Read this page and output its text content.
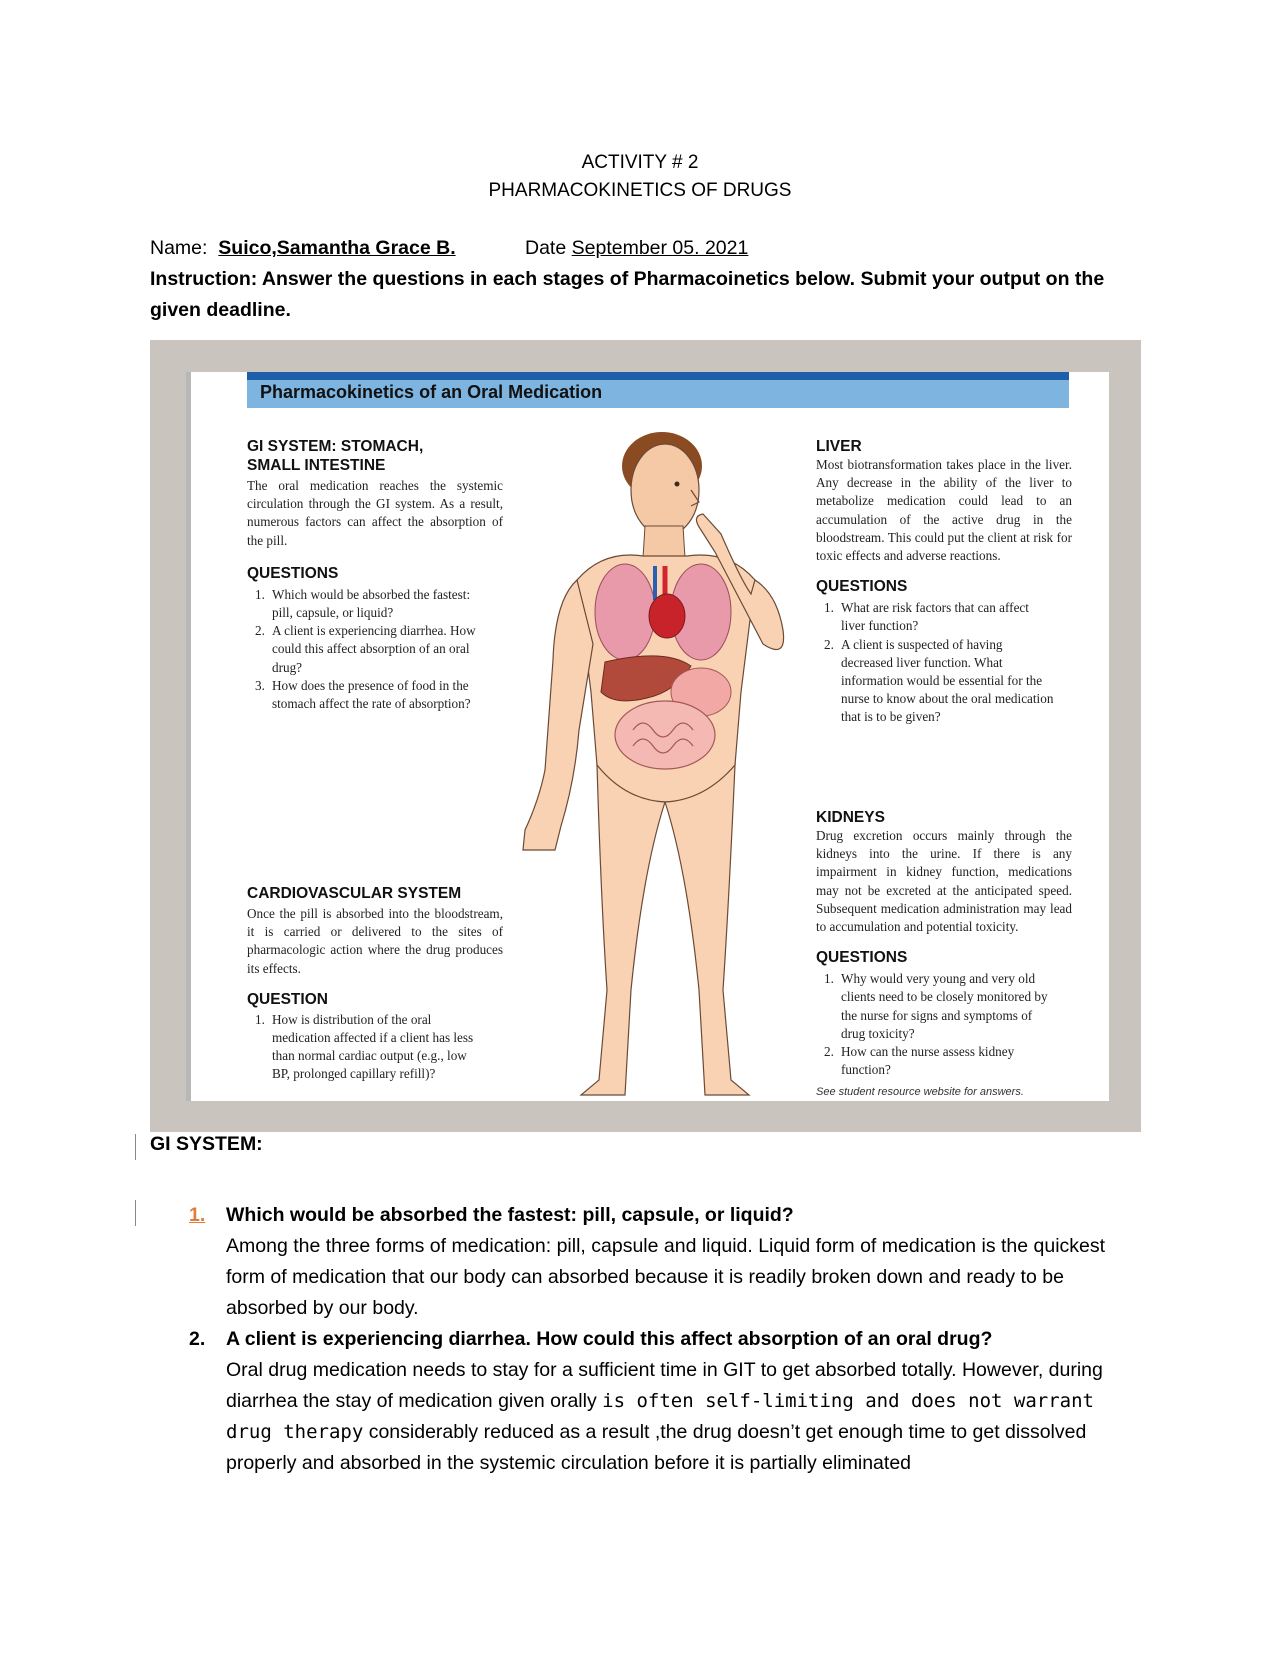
ACTIVITY # 2
PHARMACOKINETICS OF DRUGS
Name: Suico,Samantha Grace B.	Date September 05. 2021
Instruction: Answer the questions in each stages of Pharmacoinetics below. Submit your output on the given deadline.
Pharmacokinetics of an Oral Medication
GI SYSTEM: STOMACH,
SMALL INTESTINE
The oral medication reaches the systemic circulation through the GI system. As a result, numerous factors can affect the absorption of the pill.
QUESTIONS
1. Which would be absorbed the fastest: pill, capsule, or liquid?
2. A client is experiencing diarrhea. How could this affect absorption of an oral drug?
3. How does the presence of food in the stomach affect the rate of absorption?
CARDIOVASCULAR SYSTEM
Once the pill is absorbed into the bloodstream, it is carried or delivered to the sites of pharmacologic action where the drug produces its effects.
QUESTION
1. How is distribution of the oral medication affected if a client has less than normal cardiac output (e.g., low BP, prolonged capillary refill)?
LIVER
Most biotransformation takes place in the liver. Any decrease in the ability of the liver to metabolize medication could lead to an accumulation of the active drug in the bloodstream. This could put the client at risk for toxic effects and adverse reactions.
QUESTIONS
1. What are risk factors that can affect liver function?
2. A client is suspected of having decreased liver function. What information would be essential for the nurse to know about the oral medication that is to be given?
KIDNEYS
Drug excretion occurs mainly through the kidneys into the urine. If there is any impairment in kidney function, medications may not be excreted at the anticipated speed. Subsequent medication administration may lead to accumulation and potential toxicity.
QUESTIONS
1. Why would very young and very old clients need to be closely monitored by the nurse for signs and symptoms of drug toxicity?
2. How can the nurse assess kidney function?
See student resource website for answers.
GI SYSTEM:
1. Which would be absorbed the fastest: pill, capsule, or liquid?
Among the three forms of medication: pill, capsule and liquid. Liquid form of medication is the quickest form of medication that our body can absorbed because it is readily broken down and ready to be absorbed by our body.
2. A client is experiencing diarrhea. How could this affect absorption of an oral drug?
Oral drug medication needs to stay for a sufficient time in GIT to get absorbed totally. However, during diarrhea the stay of medication given orally is often self-limiting and does not warrant drug therapy considerably reduced as a result ,the drug doesn’t get enough time to get dissolved properly and absorbed in the systemic circulation before it is partially eliminated
